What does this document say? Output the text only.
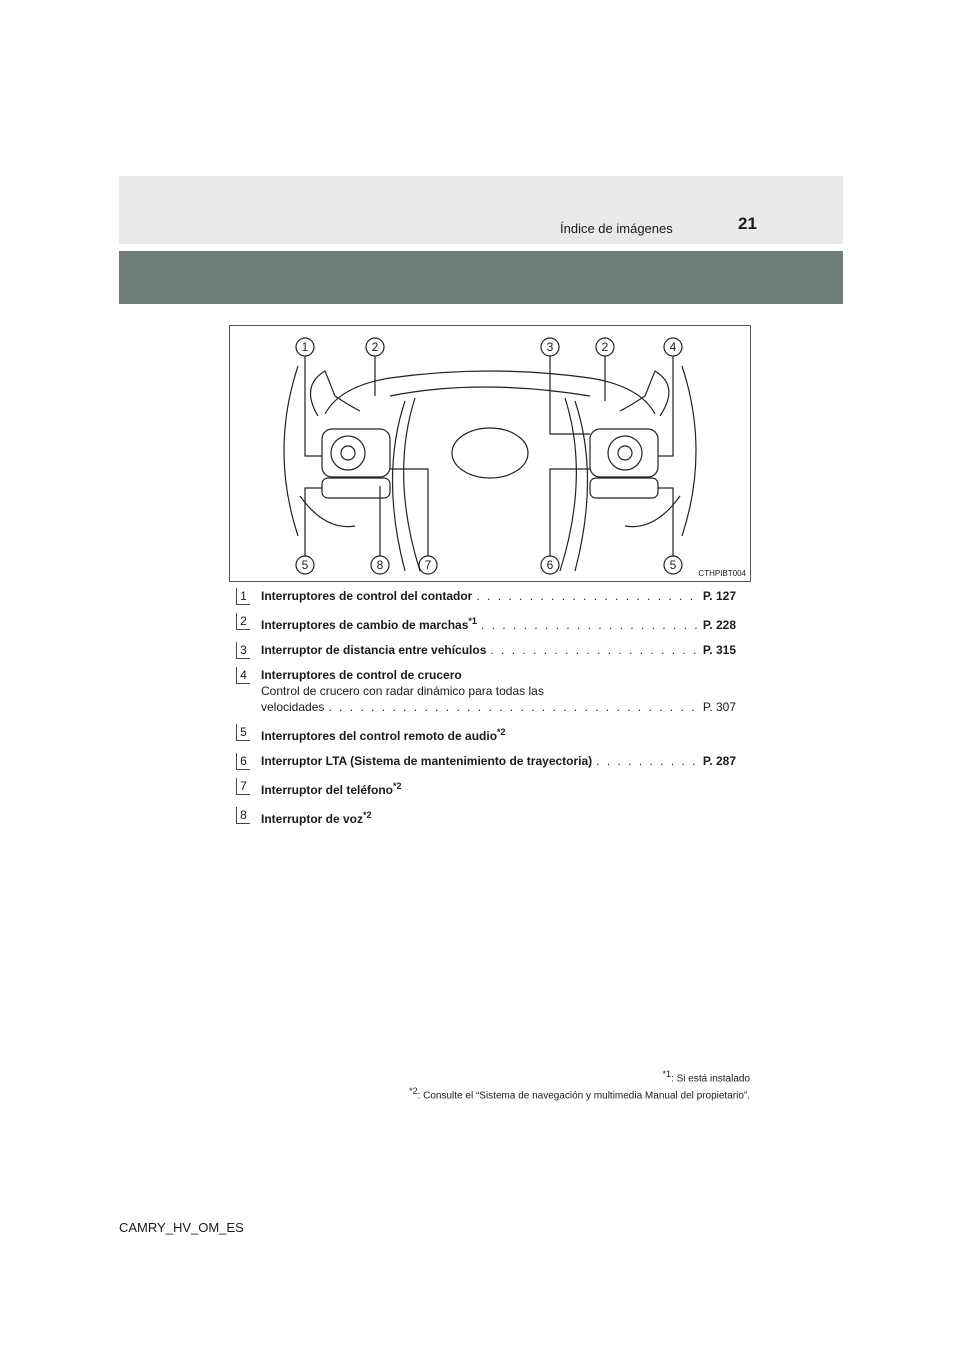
Índice de imágenes	21
1	2	3	2	4
5	8	7	6	5
CTHPIBT004
1 Interruptores de control del contador . . .	P. 127
2 Interruptores de cambio de marchas$^{*1}$ . . .	P. 228
3 Interruptor de distancia entre vehículos . . .	P. 315
4 Interruptores de control de crucero
Control de crucero con radar dinámico para todas las
velocidades . . .	P. 307
5 Interruptores del control remoto de audio$^{*2}$
6 Interruptor LTA (Sistema de mantenimiento de trayectoria) . . .	P. 287
7 Interruptor del teléfono$^{*2}$
8 Interruptor de voz$^{*2}$
$^{*1}$: Si está instalado
$^{*2}$: Consulte el “Sistema de navegación y multimedia Manual del propietario”.
CAMRY_HV_OM_ES
